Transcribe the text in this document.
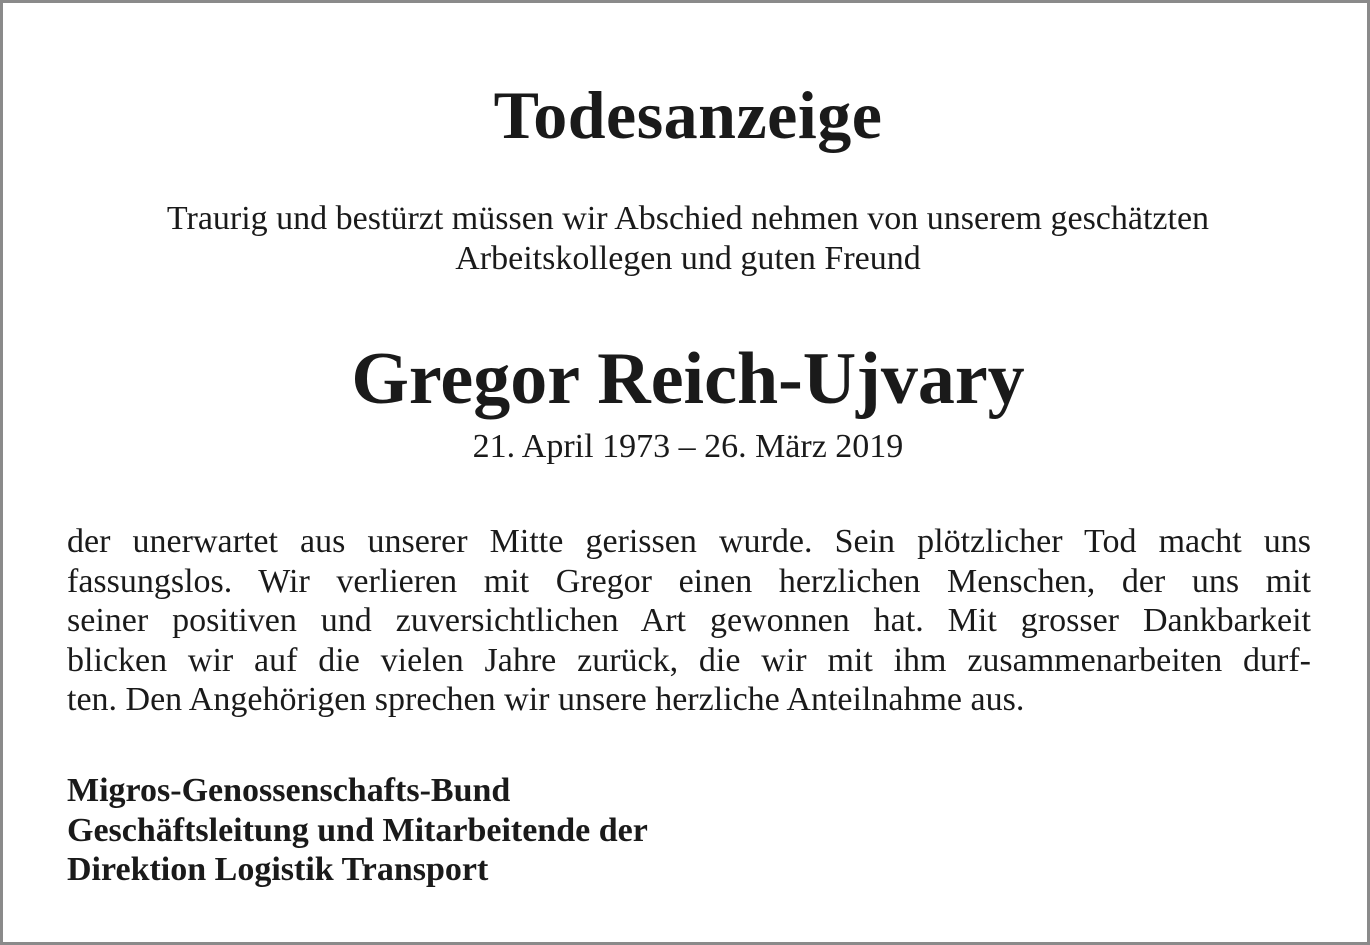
Todesanzeige
Traurig und bestürzt müssen wir Abschied nehmen von unserem geschätzten
Arbeitskollegen und guten Freund
Gregor Reich-Ujvary
21. April 1973 – 26. März 2019
der unerwartet aus unserer Mitte gerissen wurde. Sein plötzlicher Tod macht uns
fassungslos. Wir verlieren mit Gregor einen herzlichen Menschen, der uns mit
seiner positiven und zuversichtlichen Art gewonnen hat. Mit grosser Dankbarkeit
blicken wir auf die vielen Jahre zurück, die wir mit ihm zusammenarbeiten durf-
ten. Den Angehörigen sprechen wir unsere herzliche Anteilnahme aus.
Migros-Genossenschafts-Bund
Geschäftsleitung und Mitarbeitende der
Direktion Logistik Transport
